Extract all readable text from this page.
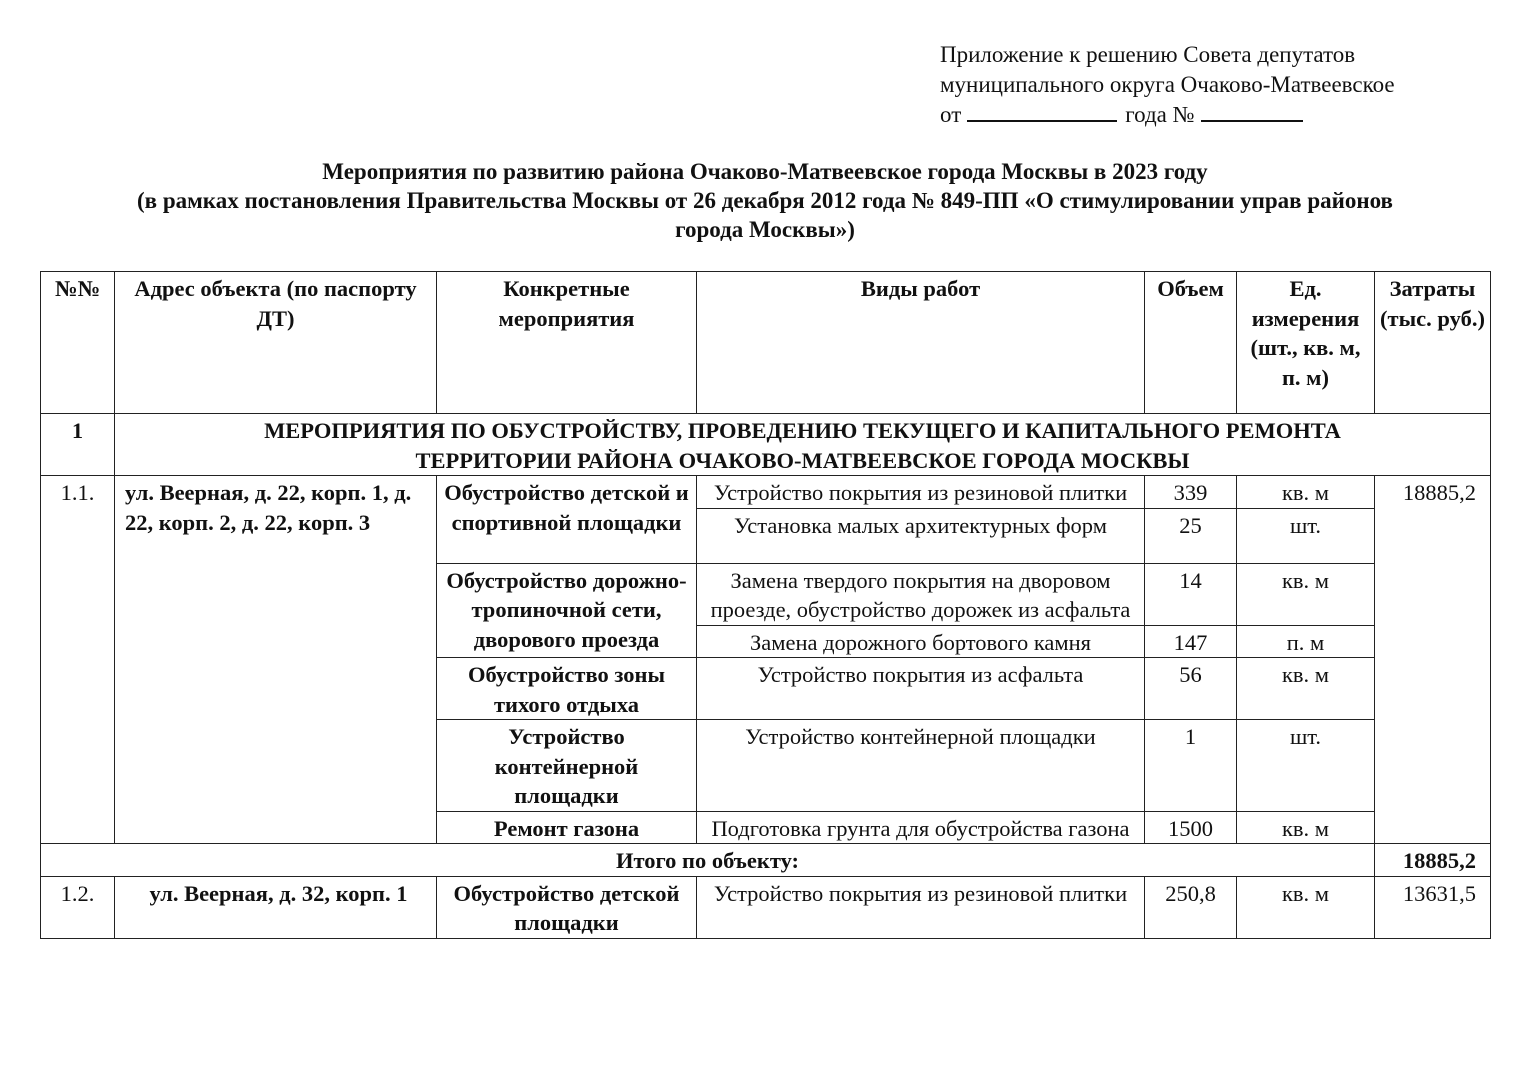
Приложение к решению Совета депутатов
муниципального округа Очаково-Матвеевское
от	года №
Мероприятия по развитию района Очаково-Матвеевское города Москвы в 2023 году
(в рамках постановления Правительства Москвы от 26 декабря 2012 года № 849-ПП «О стимулировании управ районов
города Москвы»)
№№	Адрес объекта (по паспорту ДТ)	Конкретные мероприятия	Виды работ	Объем	Ед. измерения (шт., кв. м, п. м)	Затраты (тыс. руб.)
1	МЕРОПРИЯТИЯ ПО ОБУСТРОЙСТВУ, ПРОВЕДЕНИЮ ТЕКУЩЕГО И КАПИТАЛЬНОГО РЕМОНТА
ТЕРРИТОРИИ РАЙОНА ОЧАКОВО-МАТВЕЕВСКОЕ ГОРОДА МОСКВЫ					

1.1.	ул. Веерная, д. 22, корп. 1, д. 22, корп. 2, д. 22, корп. 3	Обустройство детской и спортивной площадки	Устройство покрытия из резиновой плитки	339	кв. м	18885,2
			Установка малых архитектурных форм	25	шт.	
		Обустройство дорожно-тропиночной сети, дворового проезда	Замена твердого покрытия на дворовом проезде, обустройство дорожек из асфальта	14	кв. м	
			Замена дорожного бортового камня	147	п. м	
		Обустройство зоны тихого отдыха	Устройство покрытия из асфальта	56	кв. м	
		Устройство контейнерной площадки	Устройство контейнерной площадки	1	шт.	
		Ремонт газона	Подготовка грунта для обустройства газона	1500	кв. м	
Итого по объекту:						18885,2
1.2.	ул. Веерная, д. 32, корп. 1	Обустройство детской площадки	Устройство покрытия из резиновой плитки	250,8	кв. м	13631,5
